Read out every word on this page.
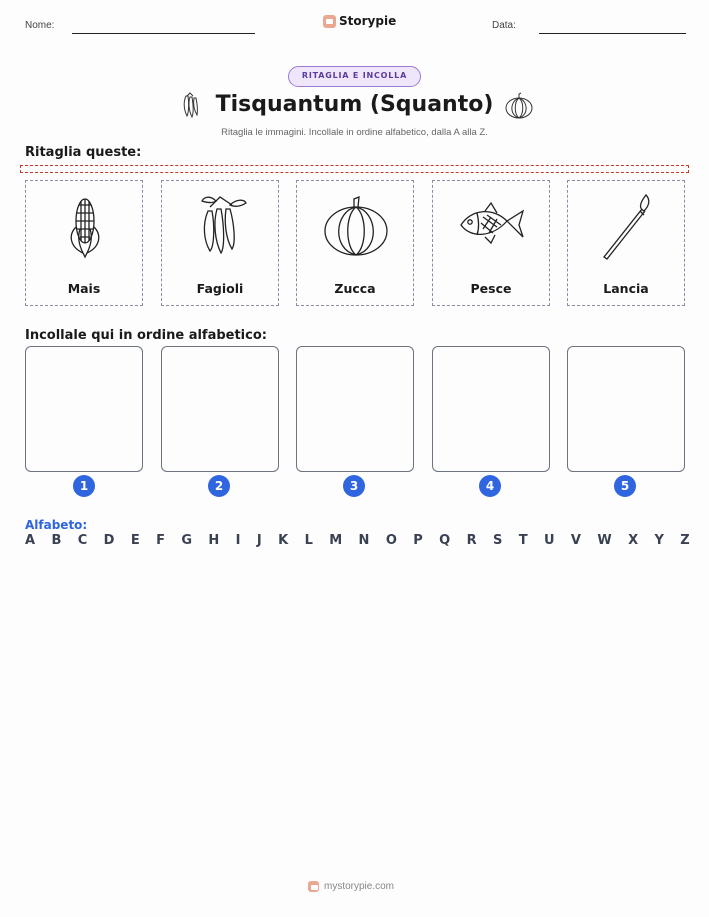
Nome:	Storypie	Data:
RITAGLIA E INCOLLA
Tisquantum (Squanto)
Ritaglia le immagini. Incollale in ordine alfabetico, dalla A alla Z.
Ritaglia queste:
Mais	Fagioli	Zucca	Pesce	Lancia
Incollale qui in ordine alfabetico:
1	2	3	4	5
Alfabeto:
A B C D E F G H I J K L M N O P Q R S T U V W X Y Z
mystorypie.com
